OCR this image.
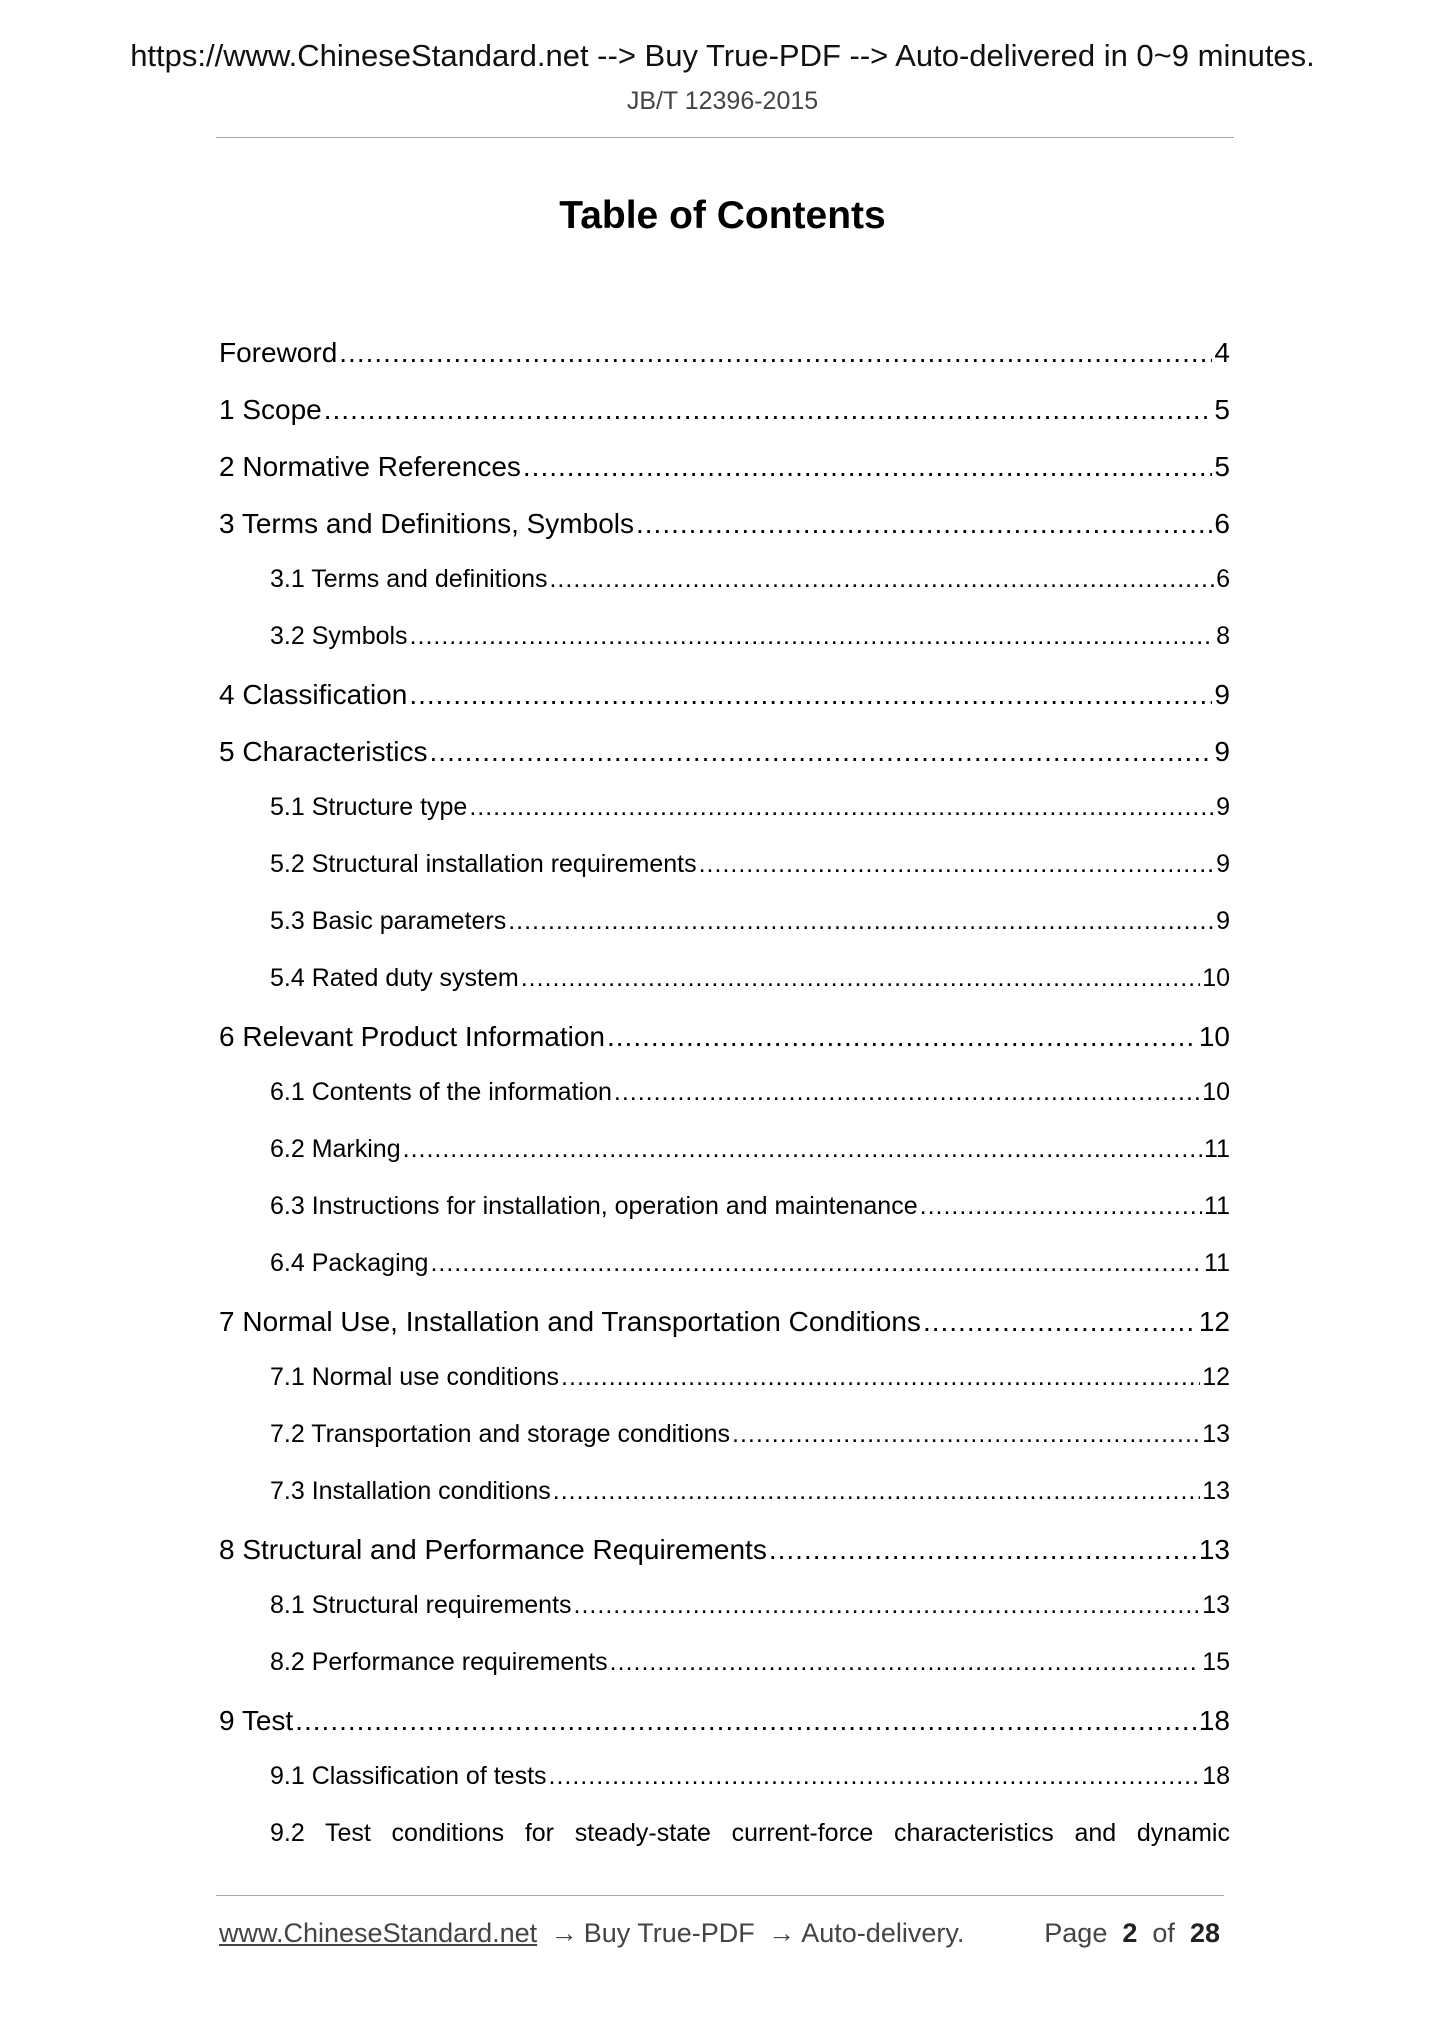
https://www.ChineseStandard.net --> Buy True-PDF --> Auto-delivered in 0~9 minutes.
JB/T 12396-2015
Table of Contents
Foreword .....	4
1 Scope .....	5
2 Normative References .....	5
3 Terms and Definitions, Symbols .....	6
3.1 Terms and definitions .....	6
3.2 Symbols .....	8
4 Classification .....	9
5 Characteristics .....	9
5.1 Structure type .....	9
5.2 Structural installation requirements .....	9
5.3 Basic parameters .....	9
5.4 Rated duty system .....	10
6 Relevant Product Information .....	10
6.1 Contents of the information .....	10
6.2 Marking .....	11
6.3 Instructions for installation, operation and maintenance .....	11
6.4 Packaging .....	11
7 Normal Use, Installation and Transportation Conditions .....	12
7.1 Normal use conditions .....	12
7.2 Transportation and storage conditions .....	13
7.3 Installation conditions .....	13
8 Structural and Performance Requirements .....	13
8.1 Structural requirements .....	13
8.2 Performance requirements .....	15
9 Test .....	18
9.1 Classification of tests .....	18
9.2 Test conditions for steady-state current-force characteristics and dynamic
www.ChineseStandard.net → Buy True-PDF → Auto-delivery.	Page 2 of 28
